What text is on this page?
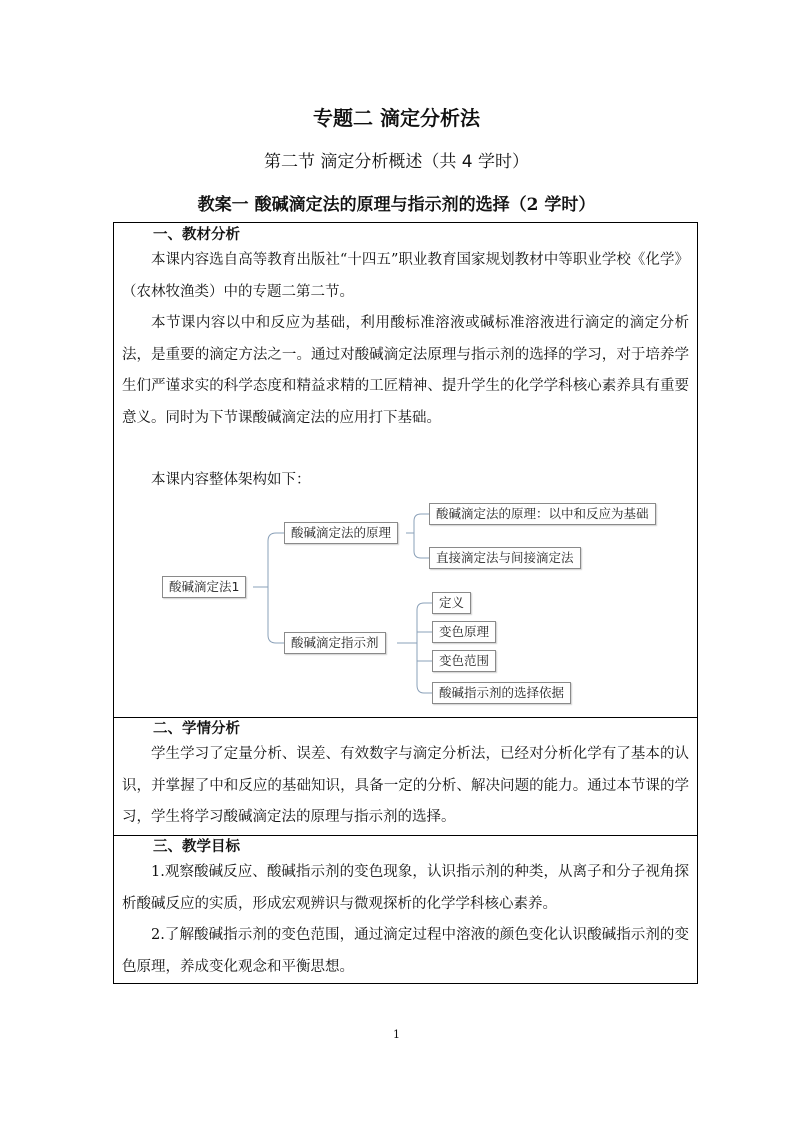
专题二 滴定分析法
第二节 滴定分析概述（共 4 学时）
教案一 酸碱滴定法的原理与指示剂的选择（2 学时）
一、教材分析

本课内容选自高等教育出版社“十四五”职业教育国家规划教材中等职业学校《化学》（农林牧渔类）中的专题二第二节。

本节课内容以中和反应为基础，利用酸标准溶液或碱标准溶液进行滴定的滴定分析法，是重要的滴定方法之一。通过对酸碱滴定法原理与指示剂的选择的学习，对于培养学生们严谨求实的科学态度和精益求精的工匠精神、提升学生的化学学科核心素养具有重要意义。同时为下节课酸碱滴定法的应用打下基础。

本课内容整体架构如下：

酸碱滴定法1
酸碱滴定法的原理
酸碱滴定指示剂
酸碱滴定法的原理：以中和反应为基础
直接滴定法与间接滴定法
定义
变色原理
变色范围
酸碱指示剂的选择依据

二、学情分析

学生学习了定量分析、误差、有效数字与滴定分析法，已经对分析化学有了基本的认识，并掌握了中和反应的基础知识，具备一定的分析、解决问题的能力。通过本节课的学习，学生将学习酸碱滴定法的原理与指示剂的选择。

三、教学目标

1.观察酸碱反应、酸碱指示剂的变色现象，认识指示剂的种类，从离子和分子视角探析酸碱反应的实质，形成宏观辨识与微观探析的化学学科核心素养。

2.了解酸碱指示剂的变色范围，通过滴定过程中溶液的颜色变化认识酸碱指示剂的变色原理，养成变化观念和平衡思想。

1
